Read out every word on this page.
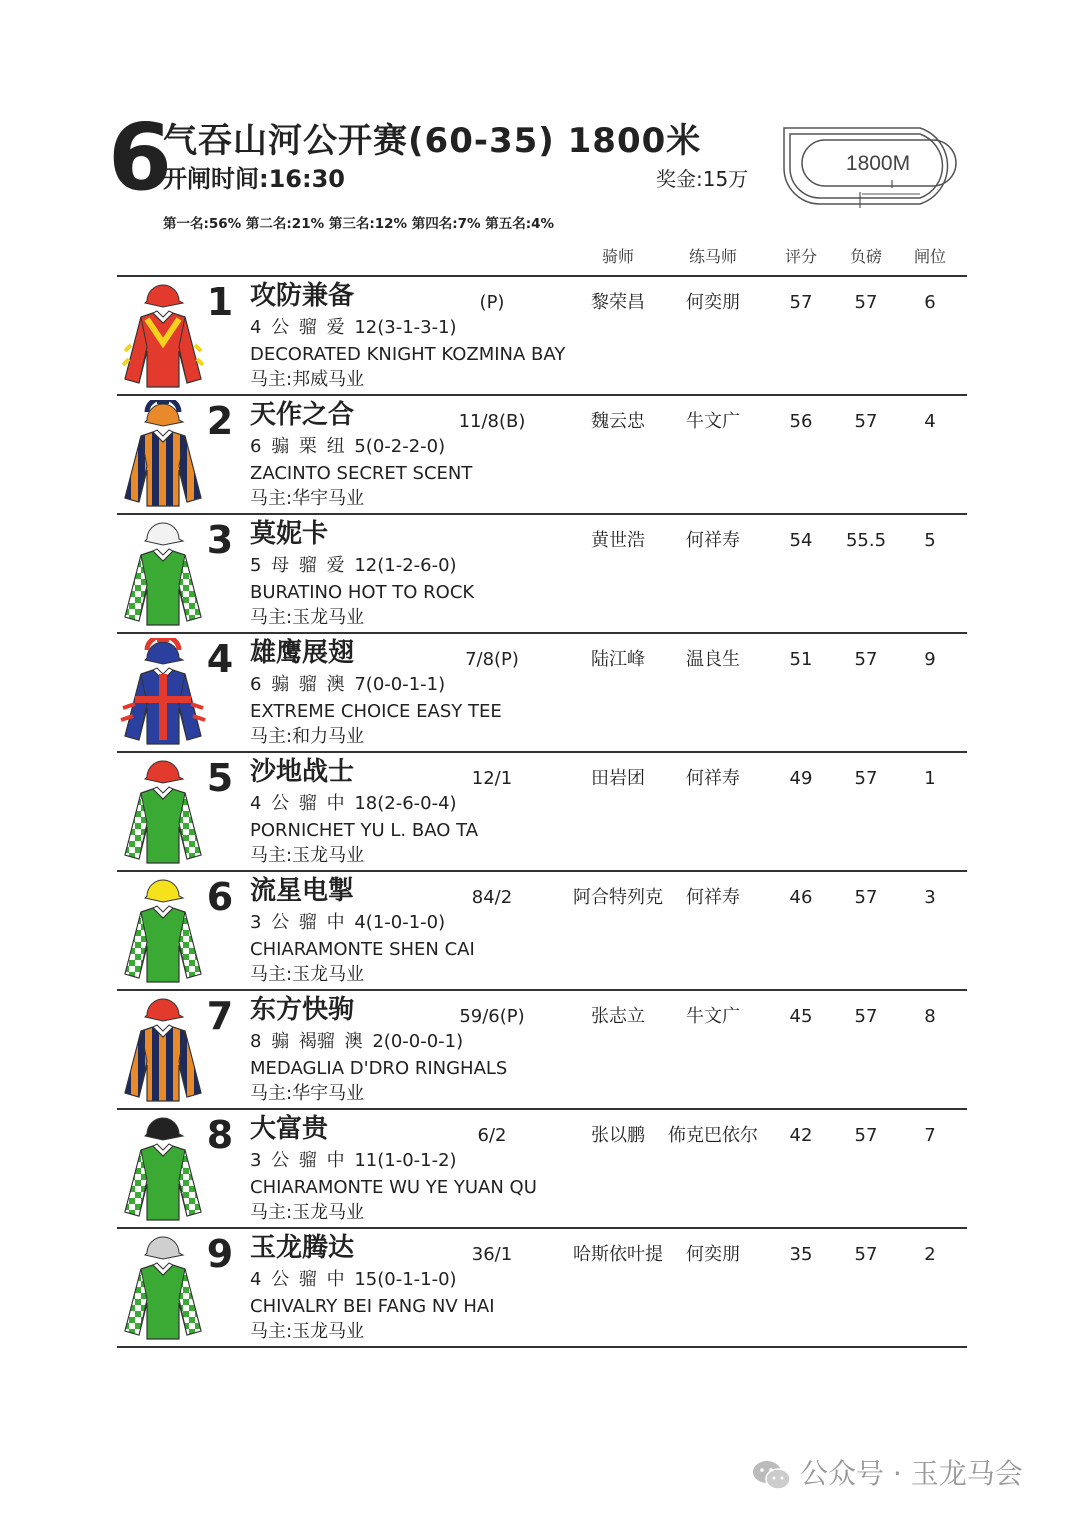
6
气吞山河公开赛(60-35) 1800米
开闸时间:16:30	奖金:15万
第一名:56% 第二名:21% 第三名:12% 第四名:7% 第五名:4%
1800M
骑师	练马师	评分	负磅	闸位
1 攻防兼备	(P)
4 公 骝 爱 12(3-1-3-1)
DECORATED KNIGHT KOZMINA BAY
马主:邦威马业
黎荣昌	何奕朋	57	57	6
2 天作之合	11/8(B)
6 骟 栗 纽 5(0-2-2-0)
ZACINTO SECRET SCENT
马主:华宇马业
魏云忠	牛文广	56	57	4
3 莫妮卡
5 母 骝 爱 12(1-2-6-0)
BURATINO HOT TO ROCK
马主:玉龙马业
黄世浩	何祥寿	54	55.5	5
4 雄鹰展翅	7/8(P)
6 骟 骝 澳 7(0-0-1-1)
EXTREME CHOICE EASY TEE
马主:和力马业
陆江峰	温良生	51	57	9
5 沙地战士	12/1
4 公 骝 中 18(2-6-0-4)
PORNICHET YU L. BAO TA
马主:玉龙马业
田岩团	何祥寿	49	57	1
6 流星电掣	84/2
3 公 骝 中 4(1-0-1-0)
CHIARAMONTE SHEN CAI
马主:玉龙马业
阿合特列克	何祥寿	46	57	3
7 东方快驹	59/6(P)
8 骟 褐骝 澳 2(0-0-0-1)
MEDAGLIA D'DRO RINGHALS
马主:华宇马业
张志立	牛文广	45	57	8
8 大富贵	6/2
3 公 骝 中 11(1-0-1-2)
CHIARAMONTE WU YE YUAN QU
马主:玉龙马业
张以鹏	佈克巴依尔	42	57	7
9 玉龙腾达	36/1
4 公 骝 中 15(0-1-1-0)
CHIVALRY BEI FANG NV HAI
马主:玉龙马业
哈斯依叶提	何奕朋	35	57	2
公众号 · 玉龙马会
